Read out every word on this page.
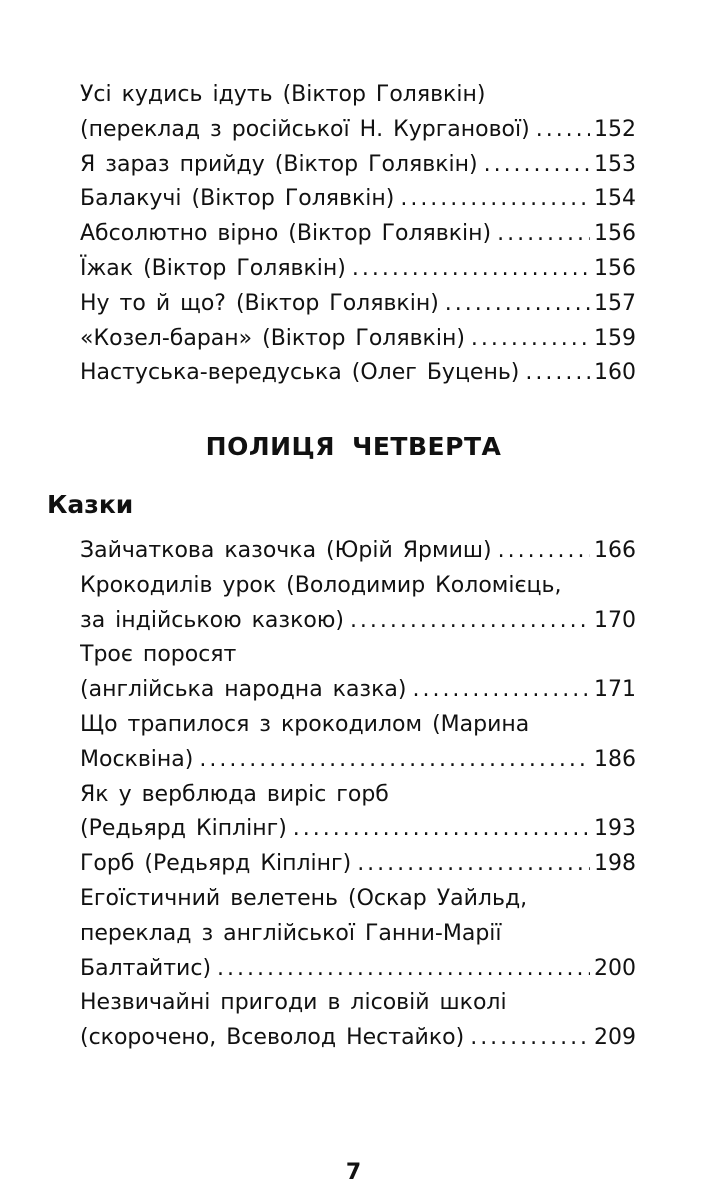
Усі кудись ідуть (Віктор Голявкін)
(переклад з російської Н. Курганової) . . .	152
Я зараз прийду (Віктор Голявкін) . . .	153
Балакучі (Віктор Голявкін) . . .	154
Абсолютно вірно (Віктор Голявкін) . . .	156
Їжак (Віктор Голявкін) . . .	156
Ну то й що? (Віктор Голявкін) . . .	157
«Козел-баран» (Віктор Голявкін) . . .	159
Настуська-вередуська (Олег Буцень) . . .	160
ПОЛИЦЯ ЧЕТВЕРТА
Казки
Зайчаткова казочка (Юрій Ярмиш) . . .	166
Крокодилів урок (Володимир Коломієць,
за індійською казкою) . . .	170
Троє поросят
(англійська народна казка) . . .	171
Що трапилося з крокодилом (Марина
Москвіна) . . .	186
Як у верблюда виріс горб
(Редьярд Кіплінг) . . .	193
Горб (Редьярд Кіплінг) . . .	198
Егоїстичний велетень (Оскар Уайльд,
переклад з англійської Ганни-Марії
Балтайтис) . . .	200
Незвичайні пригоди в лісовій школі
(скорочено, Всеволод Нестайко) . . .	209
7
